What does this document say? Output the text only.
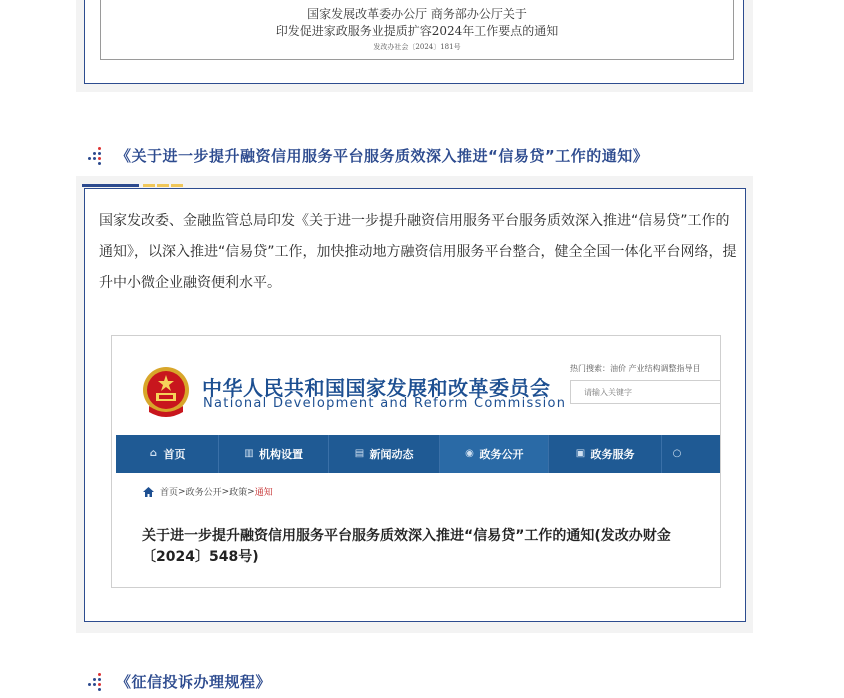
国家发展改革委办公厅 商务部办公厅关于
印发促进家政服务业提质扩容2024年工作要点的通知
发改办社会〔2024〕181号
《关于进一步提升融资信用服务平台服务质效深入推进“信易贷”工作的通知》
国家发改委、金融监管总局印发《关于进一步提升融资信用服务平台服务质效深入推进“信易贷”工作的通知》，以深入推进“信易贷”工作，加快推动地方融资信用服务平台整合，健全全国一体化平台网络，提升中小微企业融资便利水平。
中华人民共和国国家发展和改革委员会
National Development and Reform Commission
热门搜索：油价 产业结构调整指导目
请输入关键字
⌂ 首页	▥ 机构设置	▤ 新闻动态	◉ 政务公开	▣ 政务服务	○
首页 > 政务公开 > 政策 > 通知
关于进一步提升融资信用服务平台服务质效深入推进“信易贷”工作的通知(发改办财金〔2024〕548号)
《征信投诉办理规程》
